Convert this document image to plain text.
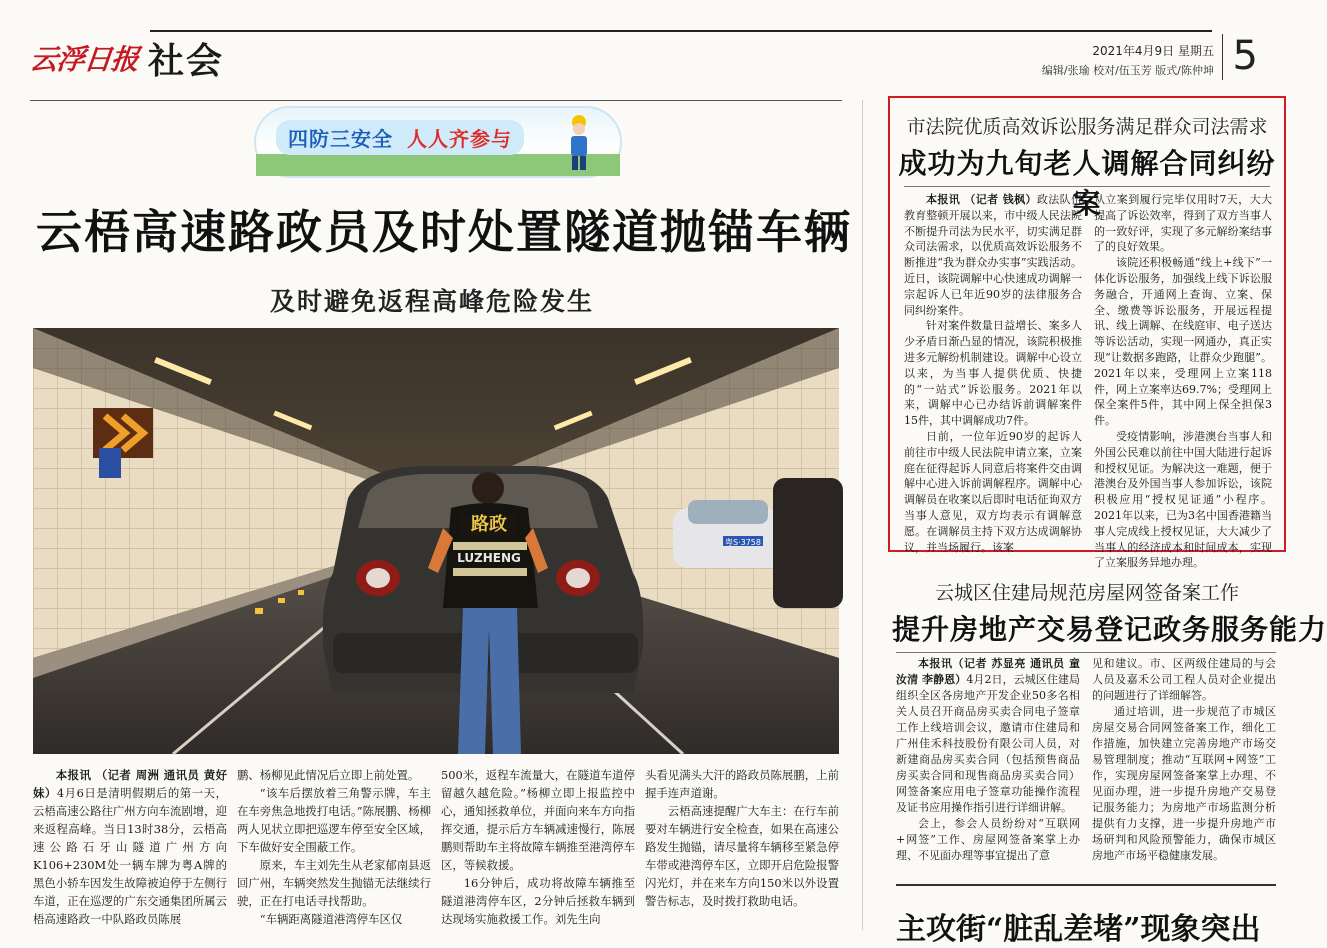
云浮日报 社会	2021年4月9日 星期五
编辑/张瑜 校对/伍玉芳 版式/陈仲坤 5
四防三安全 人人齐参与
云梧高速路政员及时处置隧道抛锚车辆
及时避免返程高峰危险发生
粤S·3758
路政
LUZHENG

本报讯 （记者 周洲 通讯员 黄好妹）4月6日是清明假期后的第一天，云梧高速公路往广州方向车流剧增，迎来返程高峰。当日13时38分，云梧高速公路石牙山隧道广州方向K106+230M处一辆车牌为粤A牌的黑色小轿车因发生故障被迫停于左侧行车道，正在巡逻的广东交通集团所属云梧高速路政一中队路政员陈展

鹏、杨柳见此情况后立即上前处置。

“该车后摆放着三角警示牌，车主在车旁焦急地拨打电话。”陈展鹏、杨柳两人见状立即把巡逻车停至安全区域，下车做好安全围蔽工作。

原来，车主刘先生从老家郁南县返回广州，车辆突然发生抛锚无法继续行驶，正在打电话寻找帮助。

“车辆距离隧道港湾停车区仅

500米，返程车流量大，在隧道车道停留越久越危险。”杨柳立即上报监控中心，通知拯救单位，并面向来车方向指挥交通，提示后方车辆减速慢行，陈展鹏则帮助车主将故障车辆推至港湾停车区，等候救援。

16分钟后，成功将故障车辆推至隧道港湾停车区，2分钟后拯救车辆到达现场实施救援工作。刘先生向

头看见满头大汗的路政员陈展鹏，上前握手连声道谢。

云梧高速提醒广大车主：在行车前要对车辆进行安全检查，如果在高速公路发生抛锚，请尽量将车辆移至紧急停车带或港湾停车区，立即开启危险报警闪光灯，并在来车方向150米以外设置警告标志，及时拨打救助电话。

市法院优质高效诉讼服务满足群众司法需求
成功为九旬老人调解合同纠纷案

本报讯 （记者 钱枫）政法队伍教育整顿开展以来，市中级人民法院不断提升司法为民水平，切实满足群众司法需求，以优质高效诉讼服务不断推进“我为群众办实事”实践活动。近日，该院调解中心快速成功调解一宗起诉人已年近90岁的法律服务合同纠纷案件。

针对案件数量日益增长、案多人少矛盾日渐凸显的情况，该院积极推进多元解纷机制建设。调解中心设立以来，为当事人提供优质、快捷的“一站式”诉讼服务。2021年以来，调解中心已办结诉前调解案件15件，其中调解成功7件。

日前，一位年近90岁的起诉人前往市中级人民法院申请立案，立案庭在征得起诉人同意后将案件交由调解中心进入诉前调解程序。调解中心调解员在收案以后即时电话征询双方当事人意见，双方均表示有调解意愿。在调解员主持下双方达成调解协议，并当场履行。该案

从立案到履行完毕仅用时7天，大大提高了诉讼效率，得到了双方当事人的一致好评，实现了多元解纷案结事了的良好效果。

该院还积极畅通“线上+线下”一体化诉讼服务，加强线上线下诉讼服务融合，开通网上查询、立案、保全、缴费等诉讼服务，开展远程提讯、线上调解、在线庭审、电子送达等诉讼活动，实现一网通办，真正实现“让数据多跑路，让群众少跑腿”。2021年以来，受理网上立案118件，网上立案率达69.7%；受理网上保全案件5件，其中网上保全担保3件。

受疫情影响，涉港澳台当事人和外国公民难以前往中国大陆进行起诉和授权见证。为解决这一难题，便于港澳台及外国当事人参加诉讼，该院积极应用“授权见证通”小程序。2021年以来，已为3名中国香港籍当事人完成线上授权见证，大大减少了当事人的经济成本和时间成本，实现了立案服务异地办理。

云城区住建局规范房屋网签备案工作
提升房地产交易登记政务服务能力

本报讯（记者 苏显亮 通讯员 童汝清 李静恩）4月2日，云城区住建局组织全区各房地产开发企业50多名相关人员召开商品房买卖合同电子签章工作上线培训会议，邀请市住建局和广州佳禾科技股份有限公司人员，对新建商品房买卖合同（包括预售商品房买卖合同和现售商品房买卖合同）网签备案应用电子签章功能操作流程及证书应用操作指引进行详细讲解。

会上，参会人员纷纷对“互联网+网签”工作、房屋网签备案掌上办理、不见面办理等事宜提出了意

见和建议。市、区两级住建局的与会人员及嘉禾公司工程人员对企业提出的问题进行了详细解答。

通过培训，进一步规范了市城区房屋交易合同网签备案工作，细化工作措施，加快建立完善房地产市场交易管理制度；推动“互联网+网签”工作，实现房屋网签备案掌上办理、不见面办理，进一步提升房地产交易登记服务能力；为房地产市场监测分析提供有力支撑，进一步提升房地产市场研判和风险预警能力，确保市城区房地产市场平稳健康发展。

主攻街“脏乱差堵”现象突出
